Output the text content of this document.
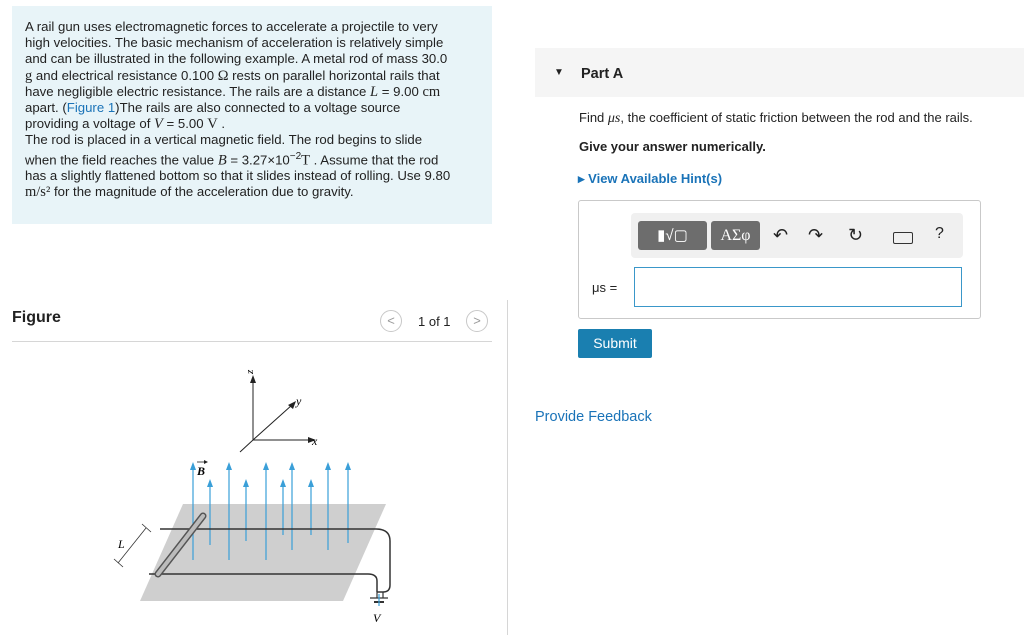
A rail gun uses electromagnetic forces to accelerate a projectile to very

high velocities. The basic mechanism of acceleration is relatively simple

and can be illustrated in the following example. A metal rod of mass 30.0

g and electrical resistance 0.100 Ω rests on parallel horizontal rails that

have negligible electric resistance. The rails are a distance L = 9.00 cm

apart. (Figure 1)The rails are also connected to a voltage source

providing a voltage of V = 5.00 V .

The rod is placed in a vertical magnetic field. The rod begins to slide

when the field reaches the value $B = 3.27\times 10^{-2}T$ . Assume that the rod

has a slightly flattened bottom so that it slides instead of rolling. Use 9.80

m/s² for the magnitude of the acceleration due to gravity.

Figure	<	1 of 1	>
z
x
y
V
L
B
▼ Part A
Find μs, the coefficient of static friction between the rod and the rails.
Give your answer numerically.
▸ View Available Hint(s)
▮√▢	ΑΣφ	↶ ↷ ↻	?
μs =
Submit
Provide Feedback
